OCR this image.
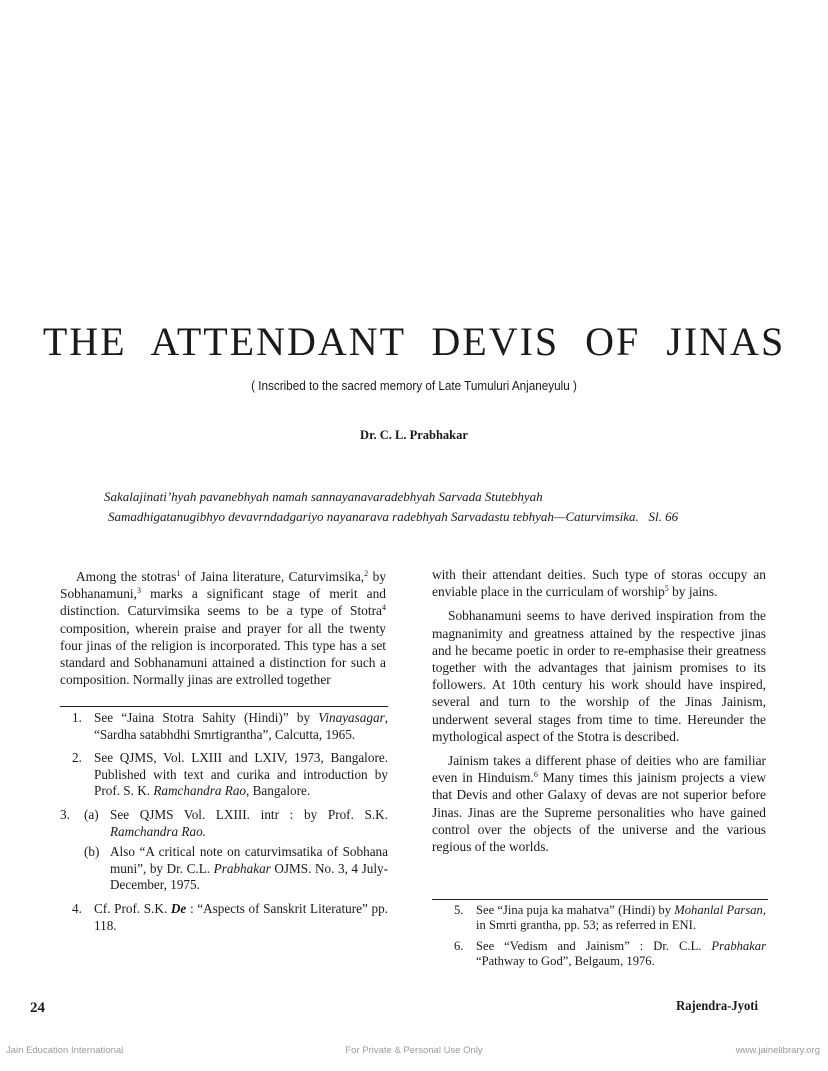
THE ATTENDANT DEVIS OF JINAS
( Inscribed to the sacred memory of Late Tumuluri Anjaneyulu )
Dr. C. L. Prabhakar
Sakalajinati’hyah pavanebhyah namah sannayanavaradebhyah Sarvada Stutebhyah
Samadhigatanugibhyo devavrndadgariyo nayanarava radebhyah Sarvadastu tebhyah—Caturvimsika. Sl. 66

Among the stotras$^1$ of Jaina literature, Caturvimsika,$^2$ by Sobhanamuni,$^3$ marks a significant stage of merit and distinction. Caturvimsika seems to be a type of Stotra$^4$ composition, wherein praise and prayer for all the twenty four jinas of the religion is incorporated. This type has a set standard and Sobhanamuni attained a distinction for such a composition. Normally jinas are extrolled together

1. See “Jaina Stotra Sahity (Hindi)” by Vinayasagar, “Sardha satabhdhi Smrtigrantha”, Calcutta, 1965.
2. See QJMS, Vol. LXIII and LXIV, 1973, Bangalore. Published with text and curika and introduction by Prof. S. K. Ramchandra Rao, Bangalore.
3.	(a) See QJMS Vol. LXIII. intr : by Prof. S.K. Ramchandra Rao.
(b) Also “A critical note on caturvimsatika of Sobhana muni”, by Dr. C.L. Prabhakar OJMS. No. 3, 4 July-December, 1975.
4. Cf. Prof. S.K. De : “Aspects of Sanskrit Literature” pp. 118.

with their attendant deities. Such type of storas occupy an enviable place in the curriculam of worship$^5$ by jains.

Sobhanamuni seems to have derived inspiration from the magnanimity and greatness attained by the respective jinas and he became poetic in order to re-emphasise their greatness together with the advantages that jainism promises to its followers. At 10th century his work should have inspired, several and turn to the worship of the Jinas Jainism, underwent several stages from time to time. Hereunder the mythological aspect of the Stotra is described.

Jainism takes a different phase of deities who are familiar even in Hinduism.$^6$ Many times this jainism projects a view that Devis and other Galaxy of devas are not superior before Jinas. Jinas are the Supreme personalities who have gained control over the objects of the universe and the various regious of the worlds.

5. See “Jina puja ka mahatva” (Hindi) by Mohanlal Parsan, in Smrti grantha, pp. 53; as referred in ENI.
6. See “Vedism and Jainism” : Dr. C.L. Prabhakar “Pathway to God”, Belgaum, 1976.
24	Rajendra-Jyoti
Jain Education International	For Private & Personal Use Only	www.jainelibrary.org
